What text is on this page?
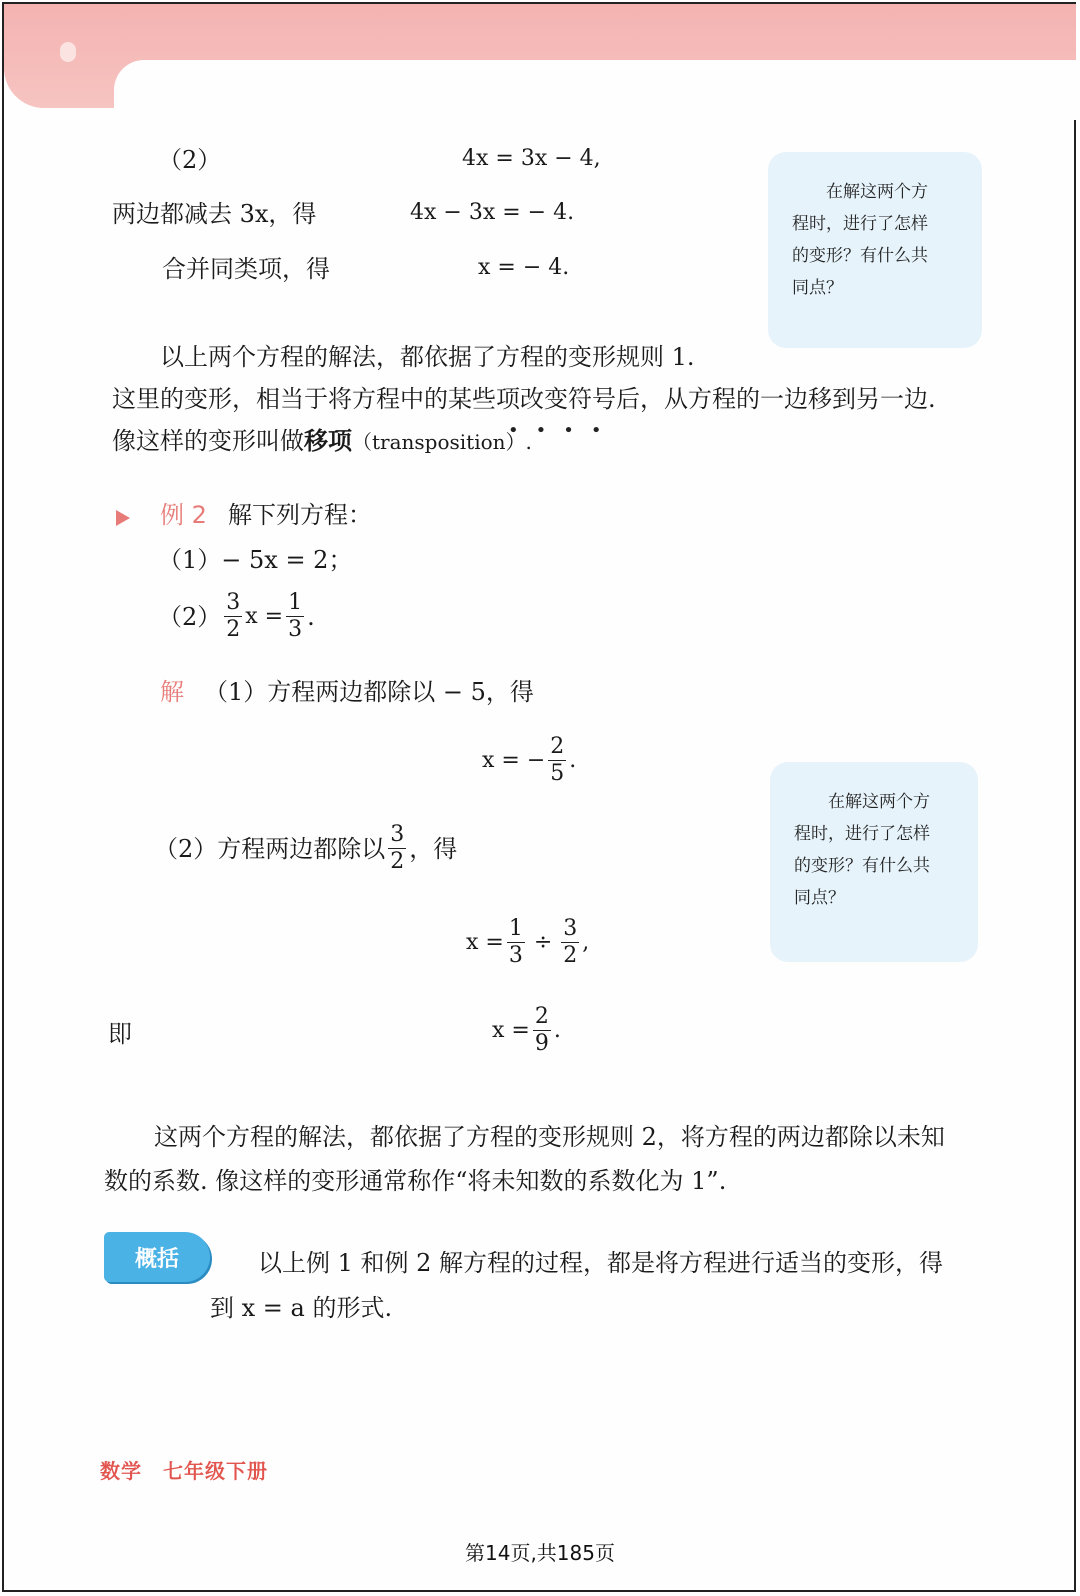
（2）	4x = 3x − 4,
两边都减去 3x，得	4x − 3x = − 4.
合并同类项，得	x = − 4.
在解这两个方
程时，进行了怎样
的变形？有什么共
同点？
以上两个方程的解法，都依据了方程的变形规则 1.
这里的变形，相当于将方程中的某些项改变符号后，从方程的一边移到另一边.
••••
像这样的变形叫做移项（transposition）.
例 2 解下列方程：
（1）− 5x = 2；
$(2) \frac{3}{2}$ $x = \frac{1}{3}$ .
解 （1）方程两边都除以 − 5，得
x = − $\frac{2}{5}$ .
（2）方程两边都除以 $\frac{3}{2}$ ，得
$x = \frac{1}{3} \div \frac{3}{2}$ ,
即	$x = \frac{2}{9}$ .
在解这两个方
程时，进行了怎样
的变形？有什么共
同点？
这两个方程的解法，都依据了方程的变形规则 2，将方程的两边都除以未知
数的系数. 像这样的变形通常称作“将未知数的系数化为 1”.
概括	以上例 1 和例 2 解方程的过程，都是将方程进行适当的变形，得
到 x = a 的形式.
数学　七年级下册
第14页,共185页
